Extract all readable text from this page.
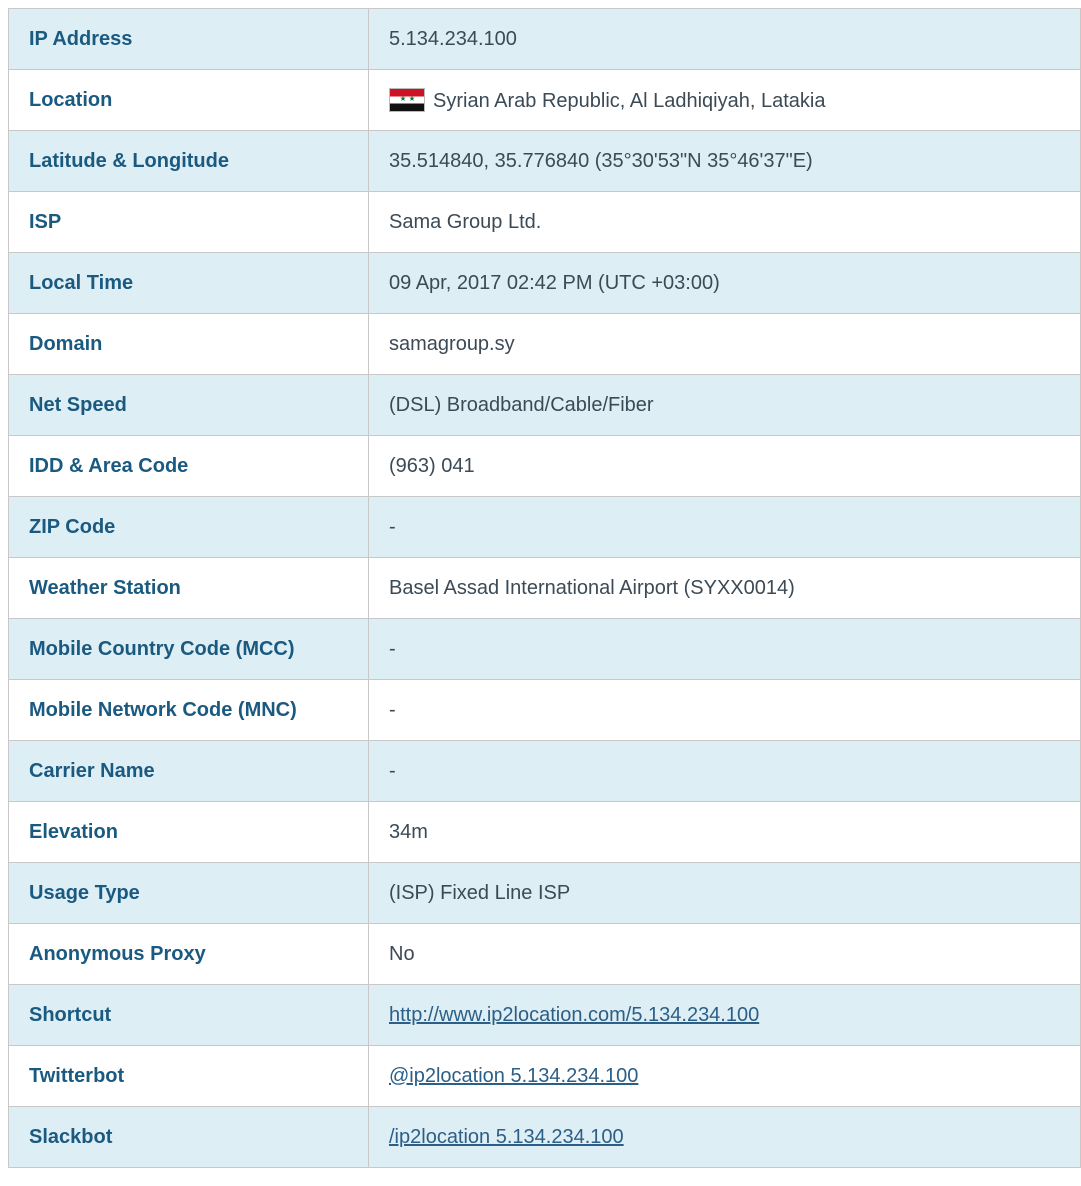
IP Address	5.134.234.100
Location	Syrian Arab Republic, Al Ladhiqiyah, Latakia
Latitude & Longitude	35.514840, 35.776840 (35°30'53"N 35°46'37"E)
ISP	Sama Group Ltd.
Local Time	09 Apr, 2017 02:42 PM (UTC +03:00)
Domain	samagroup.sy
Net Speed	(DSL) Broadband/Cable/Fiber
IDD & Area Code	(963) 041
ZIP Code	-
Weather Station	Basel Assad International Airport (SYXX0014)
Mobile Country Code (MCC)	-
Mobile Network Code (MNC)	-
Carrier Name	-
Elevation	34m
Usage Type	(ISP) Fixed Line ISP
Anonymous Proxy	No
Shortcut	http://www.ip2location.com/5.134.234.100
Twitterbot	@ip2location 5.134.234.100
Slackbot	/ip2location 5.134.234.100
